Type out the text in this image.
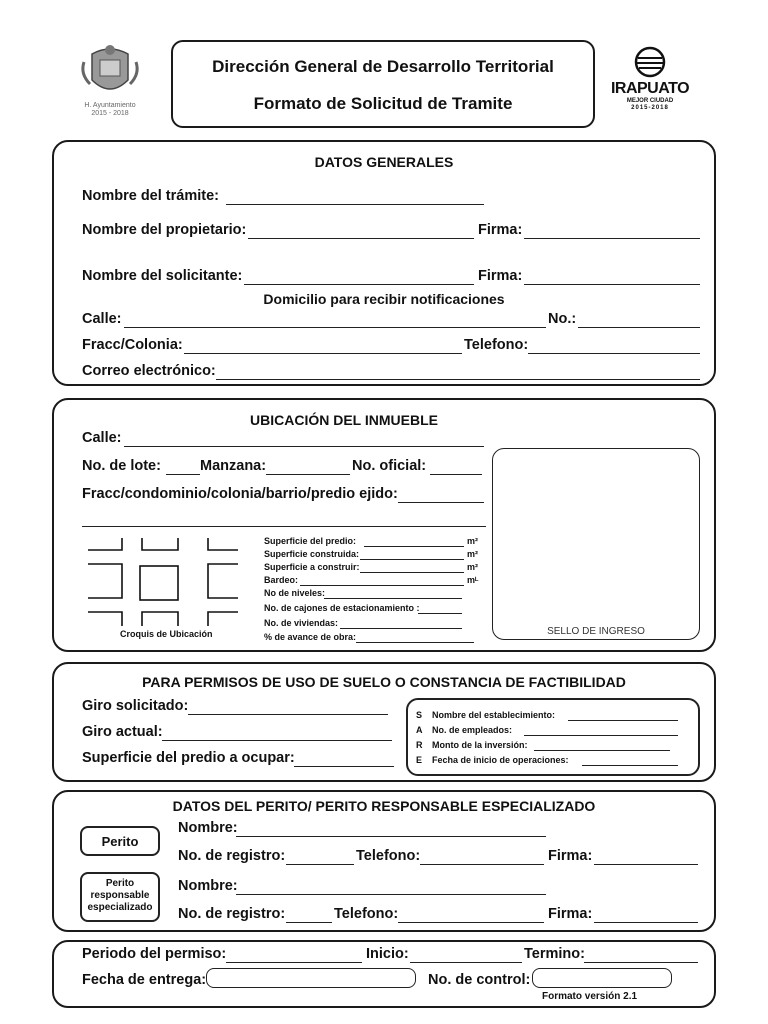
H. Ayuntamiento
2015 - 2018
Dirección General de Desarrollo Territorial
Formato de Solicitud de Tramite
IRAPUATO
MEJOR CIUDAD
2015-2018
DATOS GENERALES
Nombre del trámite:
Nombre del propietario:	Firma:
Nombre del solicitante:	Firma:
Domicilio para recibir notificaciones
Calle:	No.:
Fracc/Colonia:	Telefono:
Correo electrónico:
UBICACIÓN DEL INMUEBLE
Calle:
No. de lote:	Manzana:	No. oficial:
Fracc/condominio/colonia/barrio/predio ejido:
Croquis de Ubicación
Superficie del predio:	m²
Superficie construida:	m²
Superficie a construir:	m²
Bardeo:	mᴸ
No de niveles:
No. de cajones de estacionamiento :
No. de viviendas:
% de avance de obra:	SELLO DE INGRESO
PARA PERMISOS DE USO DE SUELO O CONSTANCIA DE FACTIBILIDAD
Giro solicitado:
Giro actual:
Superficie del predio a ocupar:
S Nombre del establecimiento:
A No. de empleados:
R Monto de la inversión:
E Fecha de inicio de operaciones:
DATOS DEL PERITO/ PERITO RESPONSABLE ESPECIALIZADO
Perito
Nombre:
No. de registro:	Telefono:	Firma:
Perito
responsable
especializado
Nombre:
No. de registro:	Telefono:	Firma:
Periodo del permiso:	Inicio:	Termino:
Fecha de entrega:	No. de control:
Formato versión 2.1
